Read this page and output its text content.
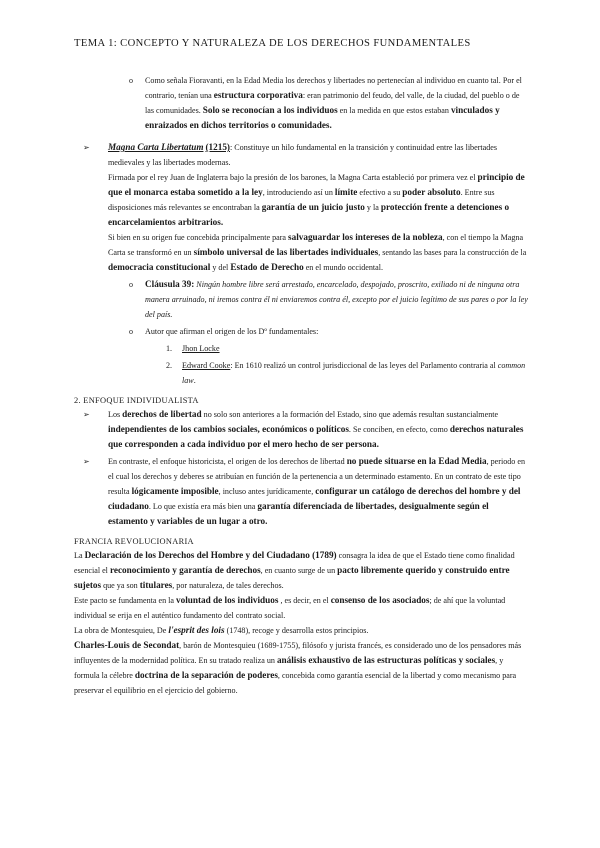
TEMA 1: CONCEPTO Y NATURALEZA DE LOS DERECHOS FUNDAMENTALES
o Como señala Fioravanti, en la Edad Media los derechos y libertades no pertenecían al individuo en cuanto tal. Por el contrario, tenían una estructura corporativa: eran patrimonio del feudo, del valle, de la ciudad, del pueblo o de las comunidades. Solo se reconocían a los individuos en la medida en que estos estaban vinculados y enraizados en dichos territorios o comunidades.
➢ Magna Carta Libertatum (1215): Constituye un hilo fundamental en la transición y continuidad entre las libertades medievales y las libertades modernas.
Firmada por el rey Juan de Inglaterra bajo la presión de los barones, la Magna Carta estableció por primera vez el principio de que el monarca estaba sometido a la ley, introduciendo así un límite efectivo a su poder absoluto. Entre sus disposiciones más relevantes se encontraban la garantía de un juicio justo y la protección frente a detenciones o encarcelamientos arbitrarios.
Si bien en su origen fue concebida principalmente para salvaguardar los intereses de la nobleza, con el tiempo la Magna Carta se transformó en un símbolo universal de las libertades individuales, sentando las bases para la construcción de la democracia constitucional y del Estado de Derecho en el mundo occidental.
o Cláusula 39: Ningún hombre libre será arrestado, encarcelado, despojado, proscrito, exiliado ni de ninguna otra manera arruinado, ni iremos contra él ni enviaremos contra él, excepto por el juicio legítimo de sus pares o por la ley del país.
o Autor que afirman el origen de los Dº fundamentales:
1. Jhon Locke
2. Edward Cooke: En 1610 realizó un control jurisdiccional de las leyes del Parlamento contraria al common law.
2. ENFOQUE INDIVIDUALISTA
➢ Los derechos de libertad no solo son anteriores a la formación del Estado, sino que además resultan sustancialmente independientes de los cambios sociales, económicos o políticos. Se conciben, en efecto, como derechos naturales que corresponden a cada individuo por el mero hecho de ser persona.
➢ En contraste, el enfoque historicista, el origen de los derechos de libertad no puede situarse en la Edad Media, periodo en el cual los derechos y deberes se atribuían en función de la pertenencia a un determinado estamento. En un contrato de este tipo resulta lógicamente imposible, incluso antes jurídicamente, configurar un catálogo de derechos del hombre y del ciudadano. Lo que existía era más bien una garantía diferenciada de libertades, desigualmente según el estamento y variables de un lugar a otro.
FRANCIA REVOLUCIONARIA
La Declaración de los Derechos del Hombre y del Ciudadano (1789) consagra la idea de que el Estado tiene como finalidad esencial el reconocimiento y garantía de derechos, en cuanto surge de un pacto libremente querido y construido entre sujetos que ya son titulares, por naturaleza, de tales derechos.
Este pacto se fundamenta en la voluntad de los individuos , es decir, en el consenso de los asociados; de ahí que la voluntad individual se erija en el auténtico fundamento del contrato social.
La obra de Montesquieu, De l'esprit des lois (1748), recoge y desarrolla estos principios.
Charles-Louis de Secondat, barón de Montesquieu (1689-1755), filósofo y jurista francés, es considerado uno de los pensadores más influyentes de la modernidad política. En su tratado realiza un análisis exhaustivo de las estructuras políticas y sociales, y formula la célebre doctrina de la separación de poderes, concebida como garantía esencial de la libertad y como mecanismo para preservar el equilibrio en el ejercicio del gobierno.
